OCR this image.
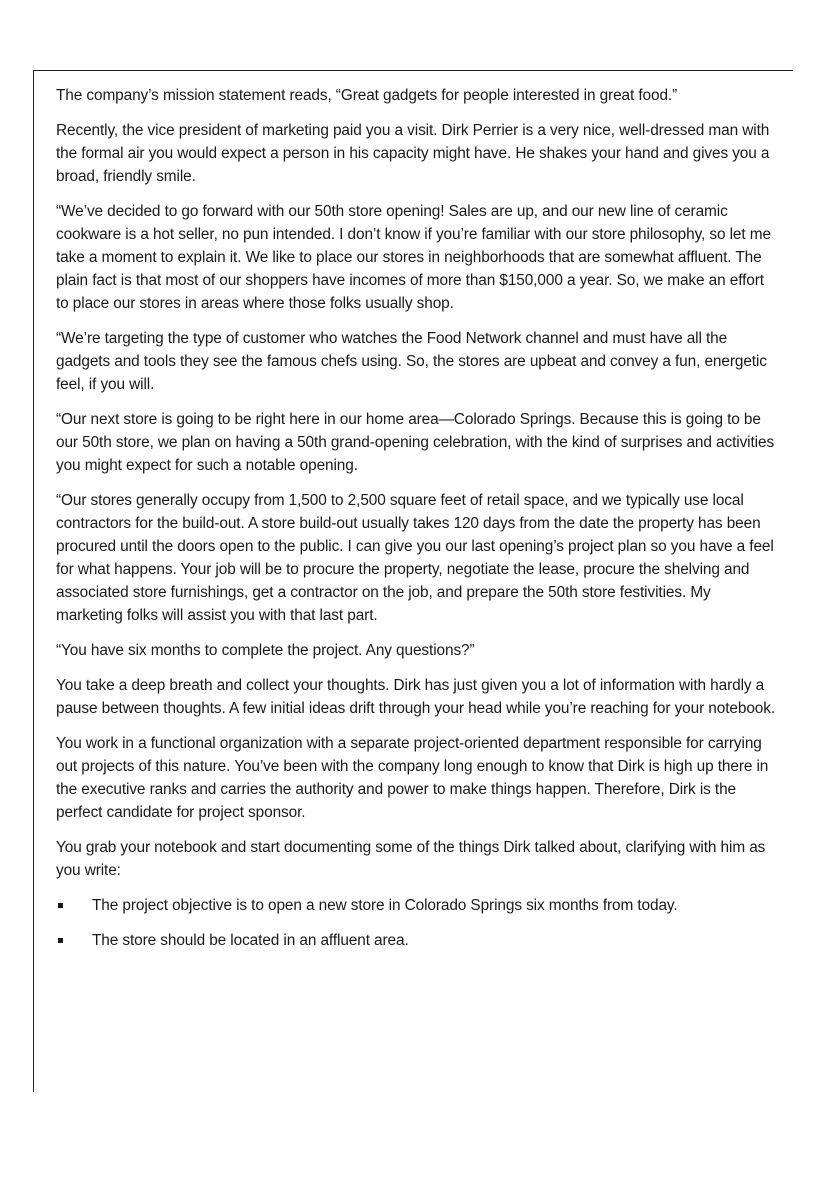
The company’s mission statement reads, “Great gadgets for people interested in great food.”

Recently, the vice president of marketing paid you a visit. Dirk Perrier is a very nice, well-dressed man with the formal air you would expect a person in his capacity might have. He shakes your hand and gives you a broad, friendly smile.

“We’ve decided to go forward with our 50th store opening! Sales are up, and our new line of ceramic cookware is a hot seller, no pun intended. I don’t know if you’re familiar with our store philosophy, so let me take a moment to explain it. We like to place our stores in neighborhoods that are somewhat affluent. The plain fact is that most of our shoppers have incomes of more than $150,000 a year. So, we make an effort to place our stores in areas where those folks usually shop.

“We’re targeting the type of customer who watches the Food Network channel and must have all the gadgets and tools they see the famous chefs using. So, the stores are upbeat and convey a fun, energetic feel, if you will.

“Our next store is going to be right here in our home area—Colorado Springs. Because this is going to be our 50th store, we plan on having a 50th grand-opening celebration, with the kind of surprises and activities you might expect for such a notable opening.

“Our stores generally occupy from 1,500 to 2,500 square feet of retail space, and we typically use local contractors for the build-out. A store build-out usually takes 120 days from the date the property has been procured until the doors open to the public. I can give you our last opening’s project plan so you have a feel for what happens. Your job will be to procure the property, negotiate the lease, procure the shelving and associated store furnishings, get a contractor on the job, and prepare the 50th store festivities. My marketing folks will assist you with that last part.

“You have six months to complete the project. Any questions?”

You take a deep breath and collect your thoughts. Dirk has just given you a lot of information with hardly a pause between thoughts. A few initial ideas drift through your head while you’re reaching for your notebook.

You work in a functional organization with a separate project-oriented department responsible for carrying out projects of this nature. You’ve been with the company long enough to know that Dirk is high up there in the executive ranks and carries the authority and power to make things happen. Therefore, Dirk is the perfect candidate for project sponsor.

You grab your notebook and start documenting some of the things Dirk talked about, clarifying with him as you write:

The project objective is to open a new store in Colorado Springs six months from today.
The store should be located in an affluent area.
